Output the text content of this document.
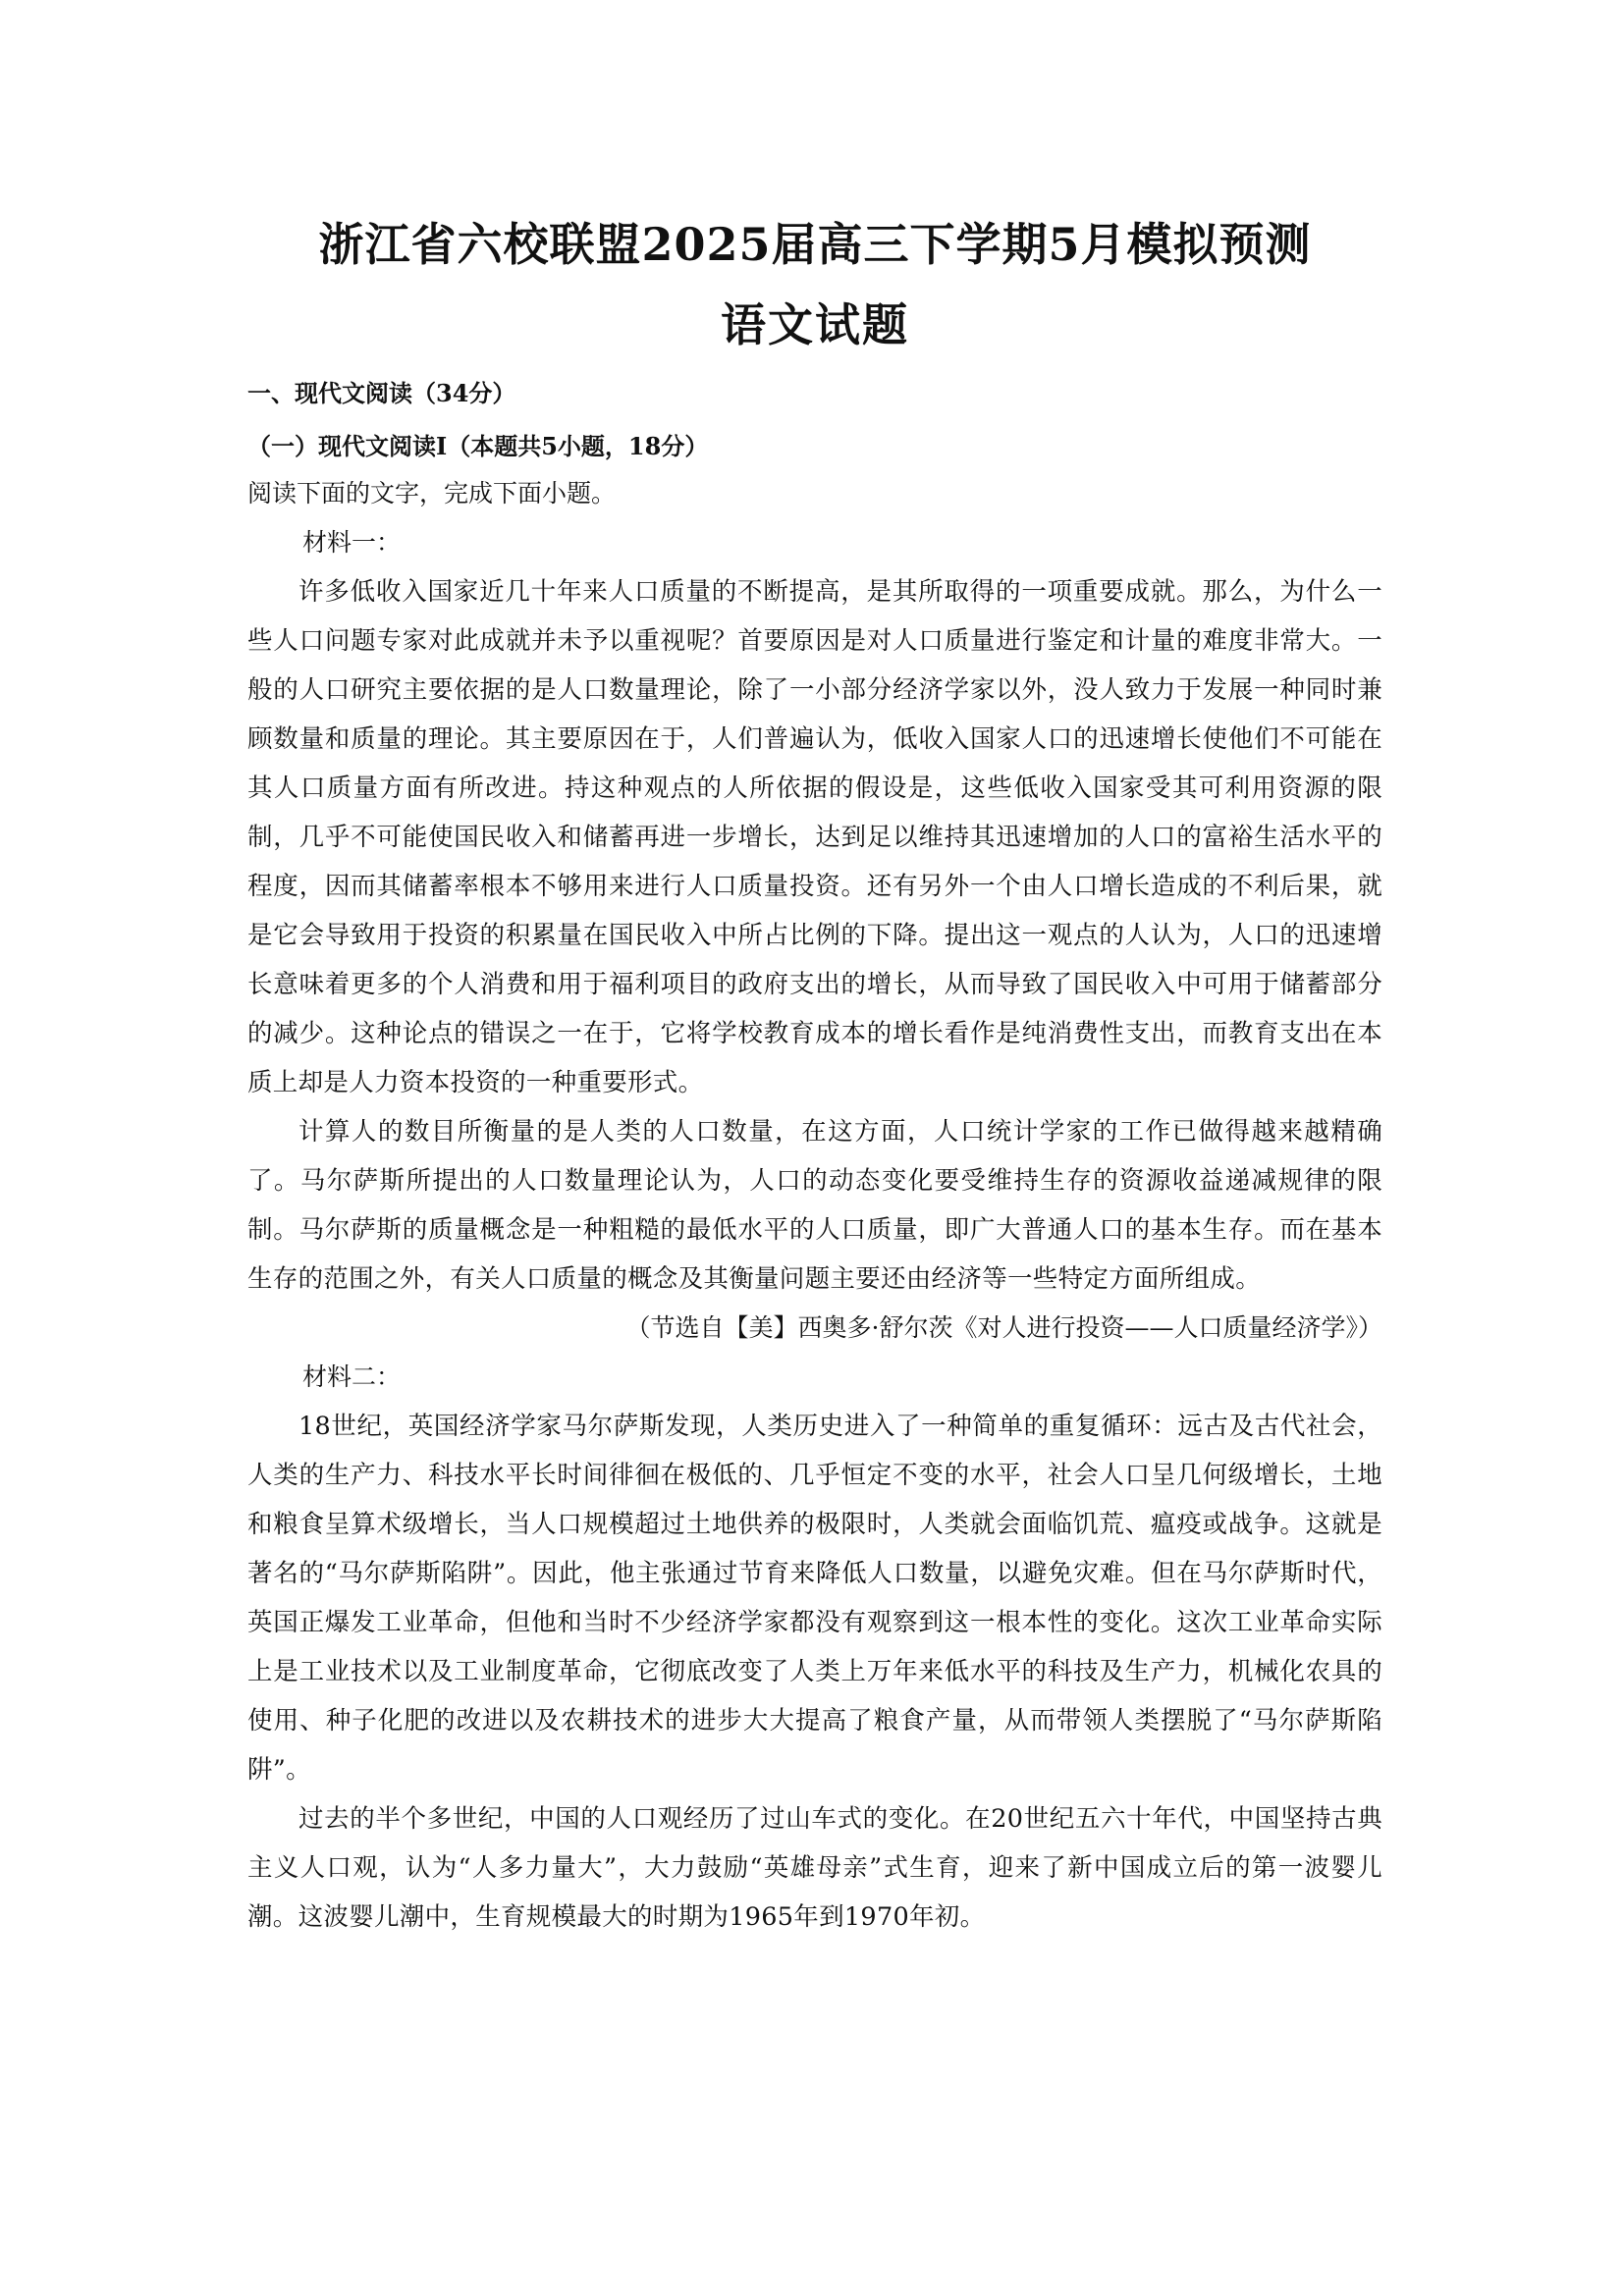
浙江省六校联盟2025届高三下学期5月模拟预测
语文试题
一、现代文阅读（34分）
（一）现代文阅读Ⅰ（本题共5小题，18分）

阅读下面的文字，完成下面小题。

材料一：

许多低收入国家近几十年来人口质量的不断提高，是其所取得的一项重要成就。那么，为什么一些人口问题专家对此成就并未予以重视呢？首要原因是对人口质量进行鉴定和计量的难度非常大。一般的人口研究主要依据的是人口数量理论，除了一小部分经济学家以外，没人致力于发展一种同时兼顾数量和质量的理论。其主要原因在于，人们普遍认为，低收入国家人口的迅速增长使他们不可能在其人口质量方面有所改进。持这种观点的人所依据的假设是，这些低收入国家受其可利用资源的限制，几乎不可能使国民收入和储蓄再进一步增长，达到足以维持其迅速增加的人口的富裕生活水平的程度，因而其储蓄率根本不够用来进行人口质量投资。还有另外一个由人口增长造成的不利后果，就是它会导致用于投资的积累量在国民收入中所占比例的下降。提出这一观点的人认为，人口的迅速增长意味着更多的个人消费和用于福利项目的政府支出的增长，从而导致了国民收入中可用于储蓄部分的减少。这种论点的错误之一在于，它将学校教育成本的增长看作是纯消费性支出，而教育支出在本质上却是人力资本投资的一种重要形式。

计算人的数目所衡量的是人类的人口数量，在这方面，人口统计学家的工作已做得越来越精确了。马尔萨斯所提出的人口数量理论认为，人口的动态变化要受维持生存的资源收益递减规律的限制。马尔萨斯的质量概念是一种粗糙的最低水平的人口质量，即广大普通人口的基本生存。而在基本生存的范围之外，有关人口质量的概念及其衡量问题主要还由经济等一些特定方面所组成。

（节选自【美】西奥多·舒尔茨《对人进行投资——人口质量经济学》）

材料二：

18世纪，英国经济学家马尔萨斯发现，人类历史进入了一种简单的重复循环：远古及古代社会，人类的生产力、科技水平长时间徘徊在极低的、几乎恒定不变的水平，社会人口呈几何级增长，土地和粮食呈算术级增长，当人口规模超过土地供养的极限时，人类就会面临饥荒、瘟疫或战争。这就是著名的“马尔萨斯陷阱”。因此，他主张通过节育来降低人口数量，以避免灾难。但在马尔萨斯时代，英国正爆发工业革命，但他和当时不少经济学家都没有观察到这一根本性的变化。这次工业革命实际上是工业技术以及工业制度革命，它彻底改变了人类上万年来低水平的科技及生产力，机械化农具的使用、种子化肥的改进以及农耕技术的进步大大提高了粮食产量，从而带领人类摆脱了“马尔萨斯陷阱”。

过去的半个多世纪，中国的人口观经历了过山车式的变化。在20世纪五六十年代，中国坚持古典主义人口观，认为“人多力量大”，大力鼓励“英雄母亲”式生育，迎来了新中国成立后的第一波婴儿潮。这波婴儿潮中，生育规模最大的时期为1965年到1970年初。
